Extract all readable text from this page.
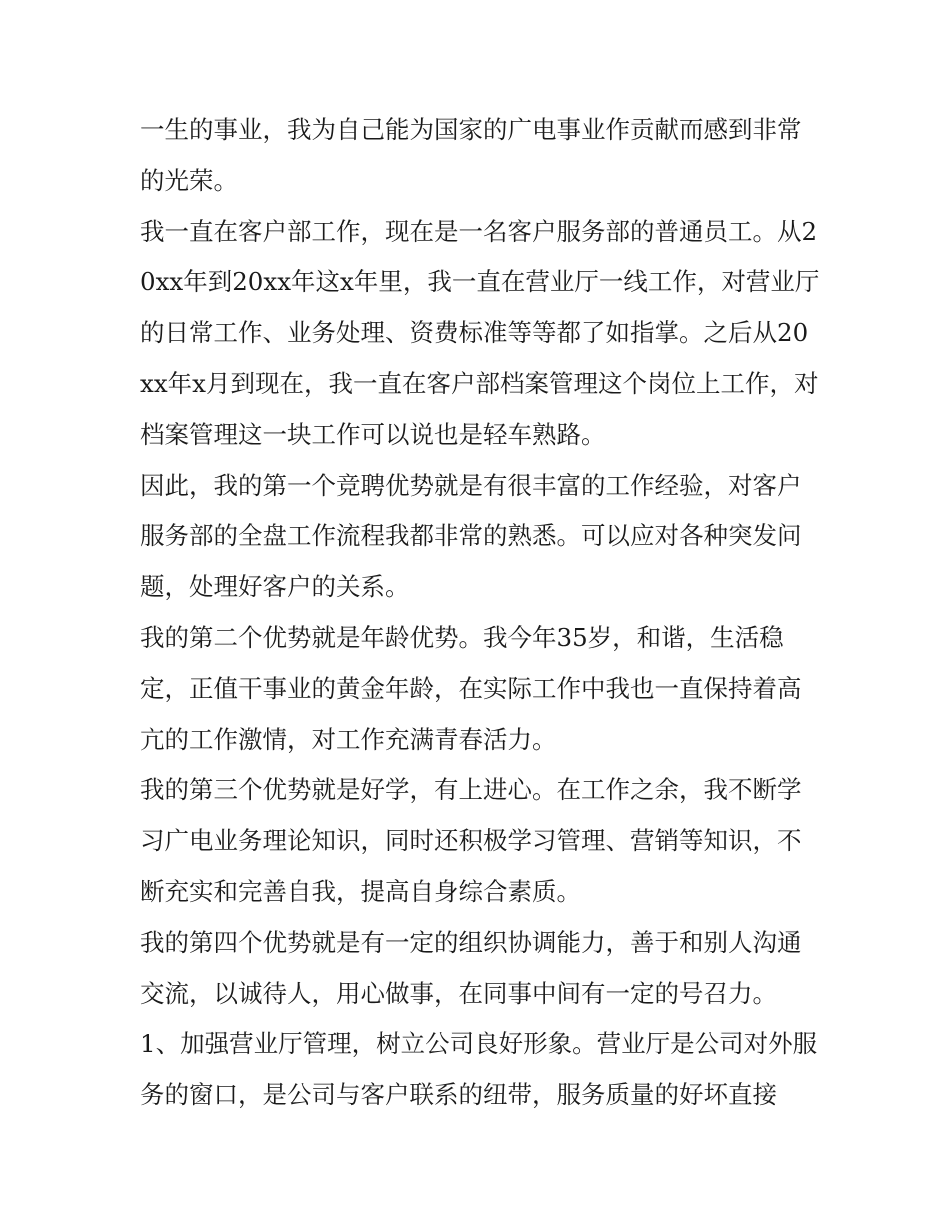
一生的事业，我为自己能为国家的广电事业作贡献而感到非常的光荣。

我一直在客户部工作，现在是一名客户服务部的普通员工。从20xx年到20xx年这x年里，我一直在营业厅一线工作，对营业厅的日常工作、业务处理、资费标准等等都了如指掌。之后从20xx年x月到现在，我一直在客户部档案管理这个岗位上工作，对档案管理这一块工作可以说也是轻车熟路。

因此，我的第一个竞聘优势就是有很丰富的工作经验，对客户服务部的全盘工作流程我都非常的熟悉。可以应对各种突发问题，处理好客户的关系。

我的第二个优势就是年龄优势。我今年35岁，和谐，生活稳定，正值干事业的黄金年龄，在实际工作中我也一直保持着高亢的工作激情，对工作充满青春活力。

我的第三个优势就是好学，有上进心。在工作之余，我不断学习广电业务理论知识，同时还积极学习管理、营销等知识，不断充实和完善自我，提高自身综合素质。

我的第四个优势就是有一定的组织协调能力，善于和别人沟通交流，以诚待人，用心做事，在同事中间有一定的号召力。

1、加强营业厅管理，树立公司良好形象。营业厅是公司对外服务的窗口，是公司与客户联系的纽带，服务质量的好坏直接
